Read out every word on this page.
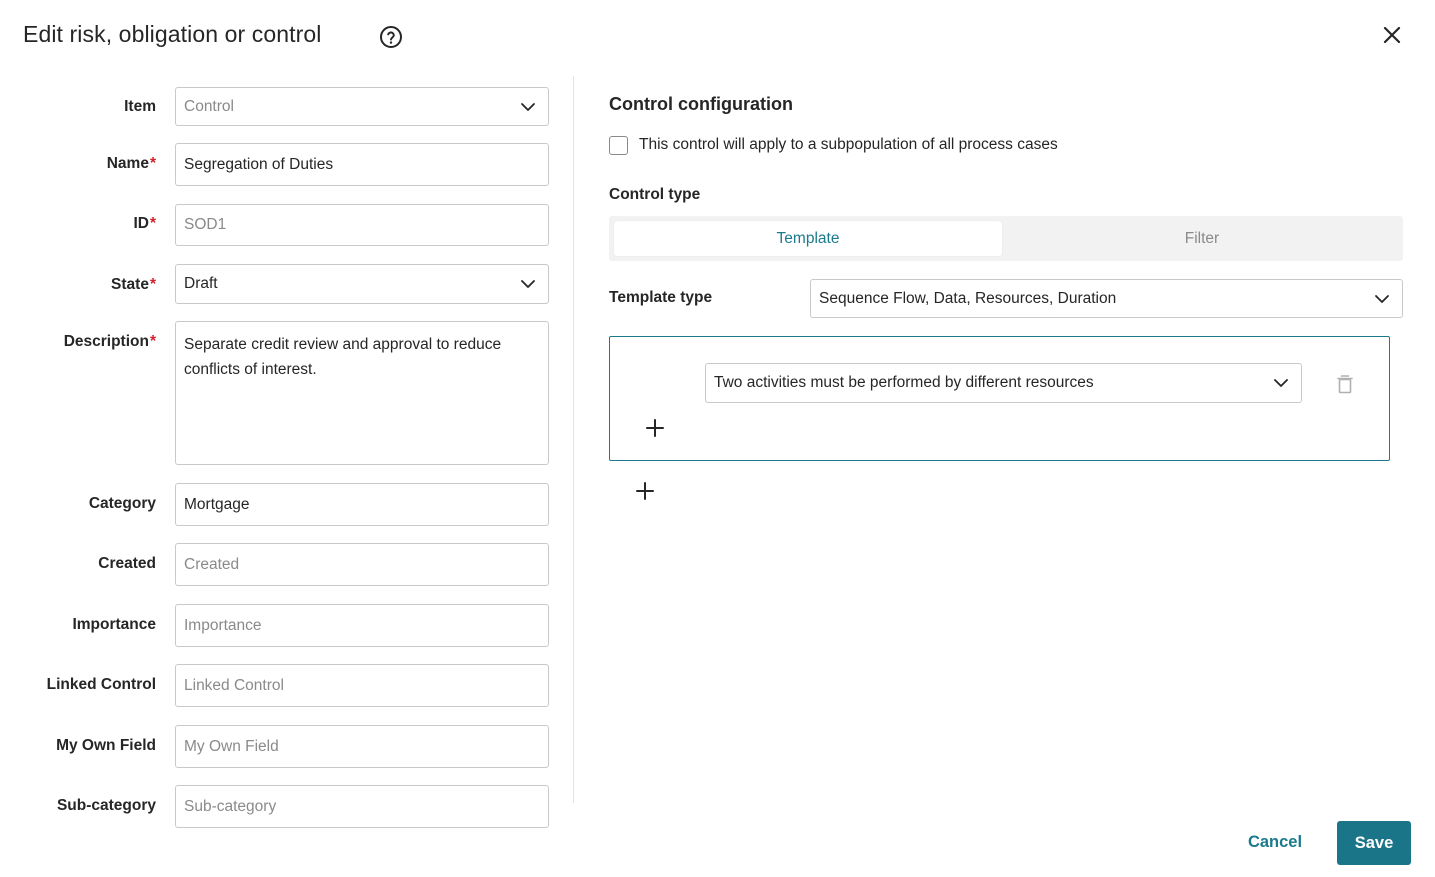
Edit risk, obligation or control
Item Control
Name* Segregation of Duties
ID* SOD1
State* Draft
Description* Separate credit review and approval to reduce conflicts of interest.
Category Mortgage
Created Created
Importance Importance
Linked Control Linked Control
My Own Field My Own Field
Sub-category Sub-category
Control configuration
This control will apply to a subpopulation of all process cases
Control type
Template	Filter
Template type	Sequence Flow, Data, Resources, Duration
Two activities must be performed by different resources
Cancel	Save
